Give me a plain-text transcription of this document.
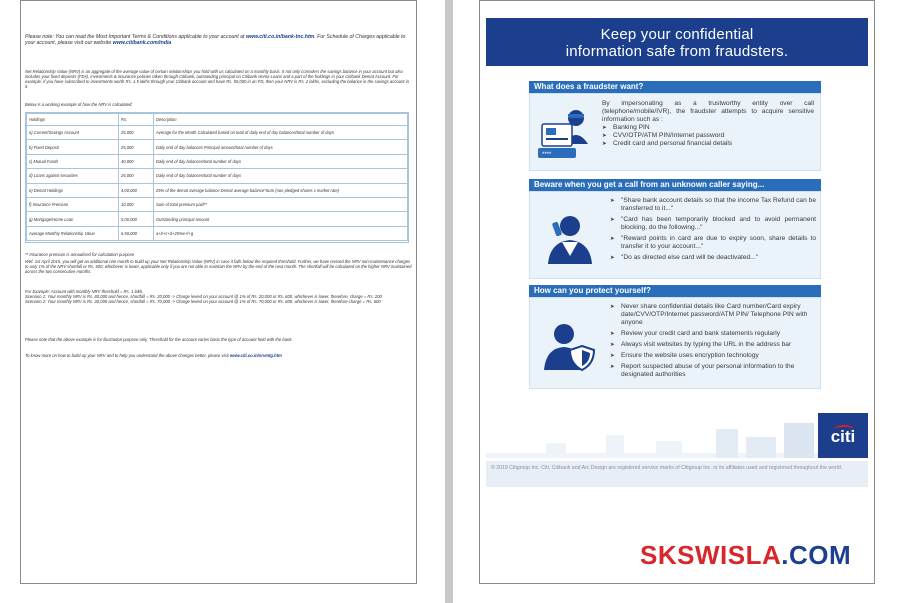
Please note: You can read the Most Important Terms & Conditions applicable to your account at www.citi.co.in/bank-tnc.htm. For Schedule of Charges applicable to your account, please visit our website www.citibank.com/india
Net Relationship Value (NRV) is an aggregate of the average value of certain relationships you hold with us calculated on a monthly basis. It not only considers the savings balance in your account but also includes your fixed deposits (FDs), investments & insurance policies taken through Citibank, outstanding principal on Citibank Home Loans and a part of the holdings in your Citibank Demat Account. For example, if you have subscribed to investments worth Rs. 1.5 lakhs through your Citibank account and have Rs. 50,000 in an FD, then your NRV is Rs. 2 lakhs, excluding the balance in the savings account in it.
Below is a working example of how the NRV is calculated:
Holdings	Rs.	Description
a) Current/Savings Account	25,000	Average for the Month Calculated based on total of daily end of day balances/total number of days
b) Fixed Deposit	25,000	Daily end of day balances Principal amount/total number of days
c) Mutual Funds	40,000	Daily end of day balances/total number of days
d) Loans against securities	25,000	Daily end of day balances/total number of days
e) Demat Holdings	4,00,000	25% of the demat average balance Demat average balance*Sum (non pledged shares x market rate)
f) Insurance Premium	10,000	Sum of total premium paid**
g) Mortgage/Home Loan	5,00,000	Outstanding principal amount
Average Monthly Relationship Value	6,50,000	a+b+c+d+25%e+f+g
** Insurance premium is annualised for calculation purpose
Wef. 1st April 2015, you will get an additional one month to build up your Net Relationship Value (NRV) in case it falls below the required threshold. Further, we have revised the NRV non-maintenance charges to only 1% of the NRV shortfall or Rs. 600, whichever is lower, applicable only if you are not able to maintain the NRV by the end of the next month. The shortfall will be calculated on the higher NRV maintained across the two consecutive months.
For Example: Account with monthly NRV threshold = Rs. 1 lakh,
Scenario 1: Your monthly NRV is Rs. 80,000 and hence, shortfall = Rs. 20,000 -> Charge levied on your account @ 1% of Rs. 20,000 or Rs. 600, whichever is lower, therefore, charge = Rs. 200
Scenario 2: Your monthly NRV is Rs. 30,000 and hence, shortfall = Rs. 70,000 -> Charge levied on your account @ 1% of Rs. 70,000 or Rs. 600, whichever is lower, therefore charge = Rs. 600
Please note that the above example is for illustration purpose only. Threshold for the account varies basis the type of account held with the bank.
To know more on how to build up your NRV and to help you understand the above changes better, please visit www.citi.co.in/nrvmtg.htm
Keep your confidential
information safe from fraudsters.
What does a fraudster want?
****
By impersonating as a trustworthy entity over call (telephone/mobile/IVR), the fraudster attempts to acquire sensitive information such as :
➤ Banking PIN
➤ CVV/OTP/ATM PIN/Internet password
➤ Credit card and personal financial details
Beware when you get a call from an unknown caller saying...
➤ "Share bank account details so that the income Tax Refund can be transferred to it..."
➤ "Card has been temporarily blocked and to avoid permanent blocking, do the following..."
➤ "Reward points in card are due to expiry soon, share details to transfer it to your account..."
➤ "Do as directed else card will be deactivated..."
How can you protect yourself?
➤ Never share confidential details like Card number/Card expiry date/CVV/OTP/Internet password/ATM PIN/ Telephone PIN with anyone
➤ Review your credit card and bank statements regularly
➤ Always visit websites by typing the URL in the address bar
➤ Ensure the website uses encryption technology
➤ Report suspected abuse of your personal information to the designated authorities
citi
© 2019 Citigroup Inc. Citi, Citibank and Arc Design are registered service marks of Citigroup Inc. or its affiliates used and registered throughout the world.
SKSWISLA.COM
